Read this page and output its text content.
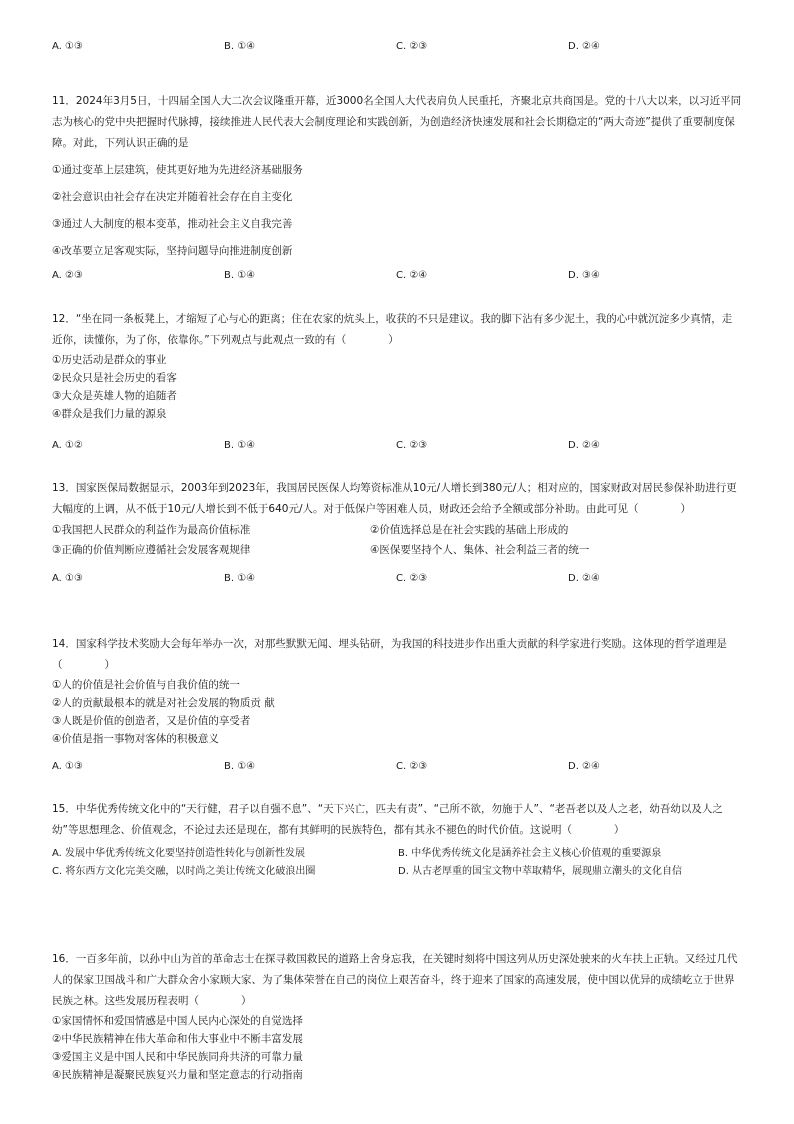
A. ①③	B. ①④	C. ②③	D. ②④

11．2024年3月5日，十四届全国人大二次会议隆重开幕，近3000名全国人大代表肩负人民重托，齐聚北京共商国是。党的十八大以来，以习近平同志为核心的党中央把握时代脉搏，接续推进人民代表大会制度理论和实践创新，为创造经济快速发展和社会长期稳定的“两大奇迹”提供了重要制度保障。对此，下列认识正确的是

①通过变革上层建筑，使其更好地为先进经济基础服务

②社会意识由社会存在决定并随着社会存在自主变化

③通过人大制度的根本变革，推动社会主义自我完善

④改革要立足客观实际，坚持问题导向推进制度创新

A. ②③	B. ①④	C. ②④	D. ③④

12．“坐在同一条板凳上，才缩短了心与心的距离；住在农家的炕头上，收获的不只是建议。我的脚下沾有多少泥土，我的心中就沉淀多少真情，走近你，读懂你，为了你，依靠你。”下列观点与此观点一致的有（　　　　）

①历史活动是群众的事业

②民众只是社会历史的看客

③大众是英雄人物的追随者

④群众是我们力量的源泉

A. ①②	B. ①④	C. ②③	D. ②④

13．国家医保局数据显示，2003年到2023年，我国居民医保人均筹资标准从10元/人增长到380元/人；相对应的，国家财政对居民参保补助进行更大幅度的上调，从不低于10元/人增长到不低于640元/人。对于低保户等困难人员，财政还会给予全额或部分补助。由此可见（　　　　）

①我国把人民群众的利益作为最高价值标准	②价值选择总是在社会实践的基础上形成的
③正确的价值判断应遵循社会发展客观规律	④医保要坚持个人、集体、社会利益三者的统一
A. ①③	B. ①④	C. ②③	D. ②④

14．国家科学技术奖励大会每年举办一次，对那些默默无闻、埋头钻研，为我国的科技进步作出重大贡献的科学家进行奖励。这体现的哲学道理是（　　　　）

①人的价值是社会价值与自我价值的统一

②人的贡献最根本的就是对社会发展的物质贡 献

③人既是价值的创造者，又是价值的享受者

④价值是指一事物对客体的积极意义

A. ①③	B. ①④	C. ②③	D. ②④

15．中华优秀传统文化中的“天行健，君子以自强不息”、“天下兴亡，匹夫有责”、“己所不欲，勿施于人”、“老吾老以及人之老，幼吾幼以及人之幼”等思想理念、价值观念，不论过去还是现在，都有其鲜明的民族特色，都有其永不褪色的时代价值。这说明（　　　　）

A. 发展中华优秀传统文化要坚持创造性转化与创新性发展	B. 中华优秀传统文化是涵养社会主义核心价值观的重要源泉
C. 将东西方文化完美交融，以时尚之美让传统文化破浪出圈	D. 从古老厚重的国宝文物中萃取精华，展现鼎立潮头的文化自信

16．一百多年前，以孙中山为首的革命志士在探寻救国救民的道路上舍身忘我，在关键时刻将中国这列从历史深处驶来的火车扶上正轨。又经过几代人的保家卫国战斗和广大群众舍小家顾大家、为了集体荣誉在自己的岗位上艰苦奋斗，终于迎来了国家的高速发展，使中国以优异的成绩屹立于世界民族之林。这些发展历程表明（　　　　）

①家国情怀和爱国情感是中国人民内心深处的自觉选择

②中华民族精神在伟大革命和伟大事业中不断丰富发展

③爱国主义是中国人民和中华民族同舟共济的可靠力量

④民族精神是凝聚民族复兴力量和坚定意志的行动指南
